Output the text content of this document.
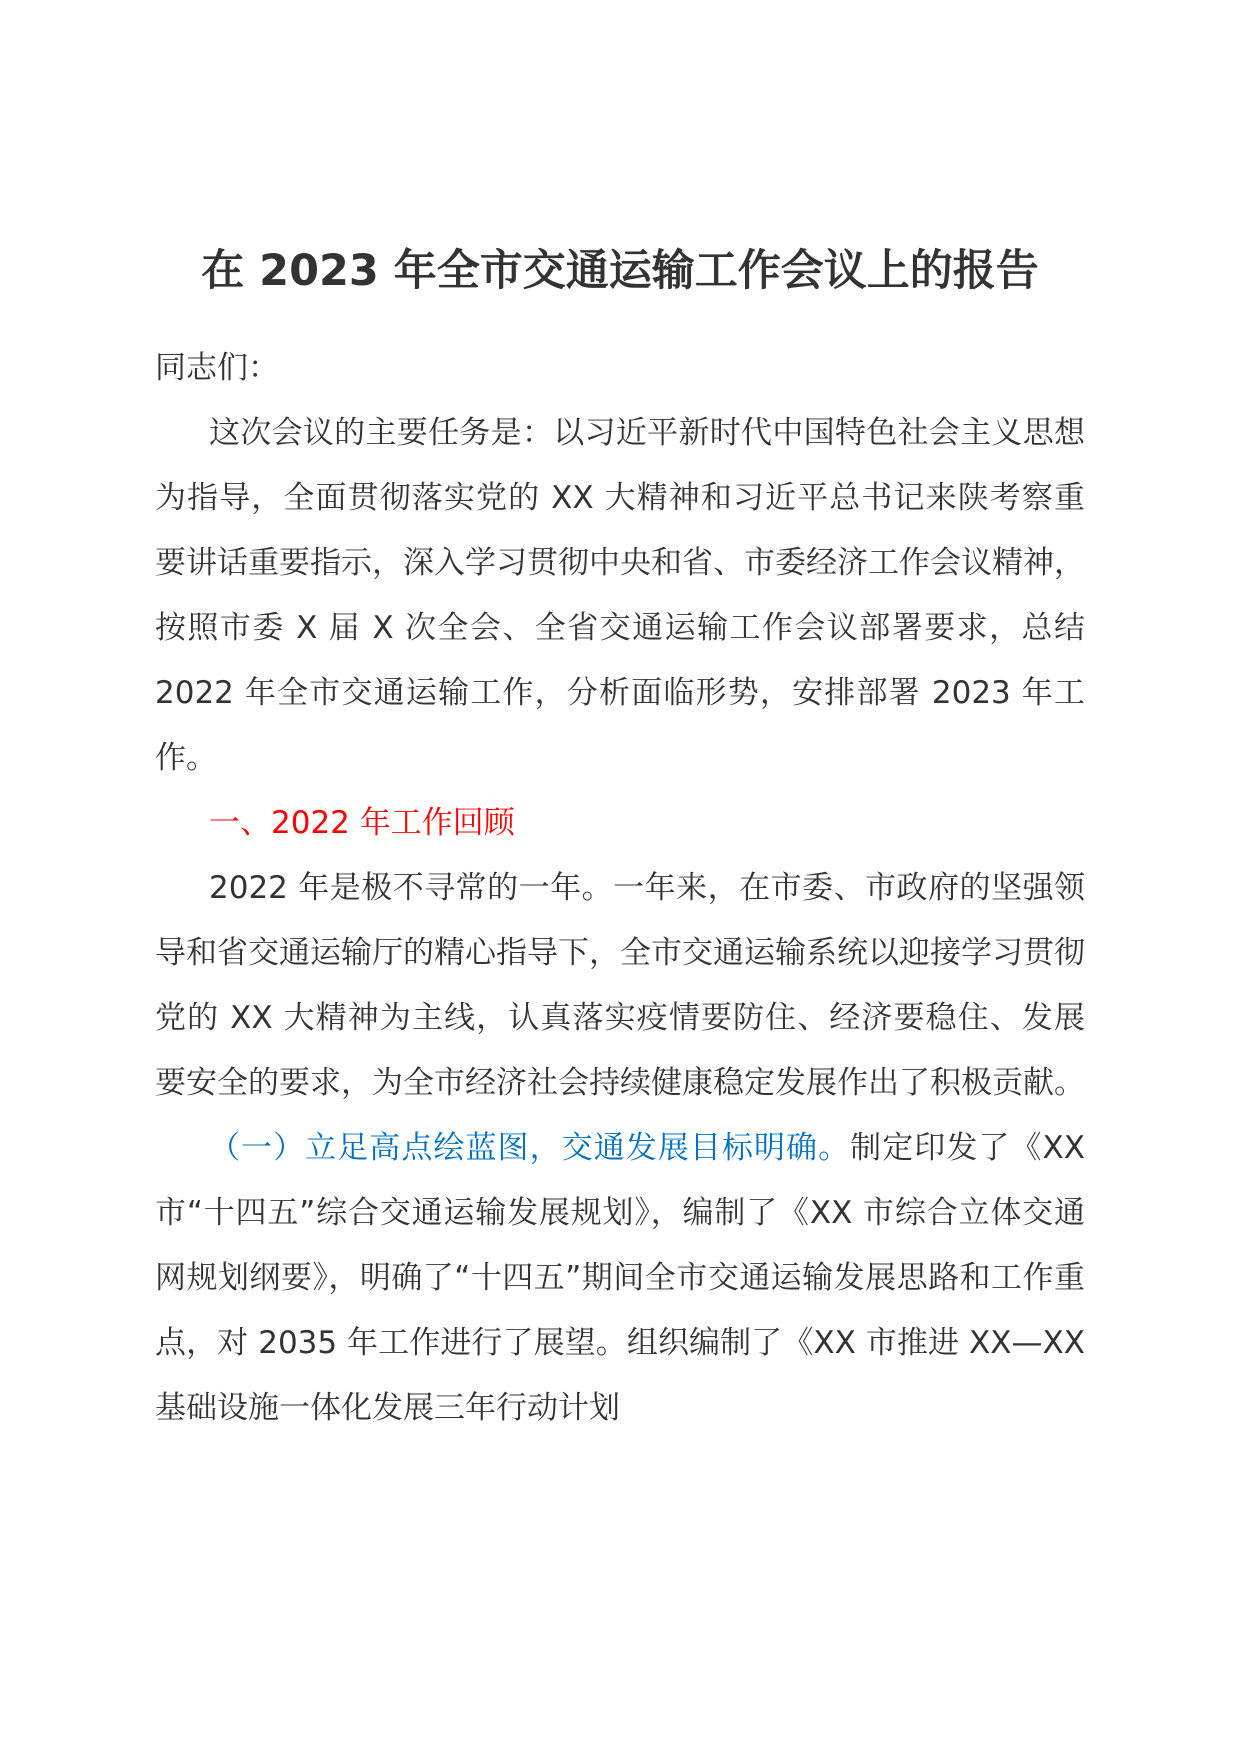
在 2023 年全市交通运输工作会议上的报告

同志们：

这次会议的主要任务是：以习近平新时代中国特色社会主义思想为指导，全面贯彻落实党的 XX 大精神和习近平总书记来陕考察重要讲话重要指示，深入学习贯彻中央和省、市委经济工作会议精神，按照市委 X 届 X 次全会、全省交通运输工作会议部署要求，总结 2022 年全市交通运输工作，分析面临形势，安排部署 2023 年工作。

一、2022 年工作回顾

2022 年是极不寻常的一年。一年来，在市委、市政府的坚强领导和省交通运输厅的精心指导下，全市交通运输系统以迎接学习贯彻党的 XX 大精神为主线，认真落实疫情要防住、经济要稳住、发展要安全的要求，为全市经济社会持续健康稳定发展作出了积极贡献。

（一）立足高点绘蓝图，交通发展目标明确。制定印发了《XX 市“十四五”综合交通运输发展规划》，编制了《XX 市综合立体交通网规划纲要》，明确了“十四五”期间全市交通运输发展思路和工作重点，对 2035 年工作进行了展望。组织编制了《XX 市推进 XX—XX 基础设施一体化发展三年行动计划
